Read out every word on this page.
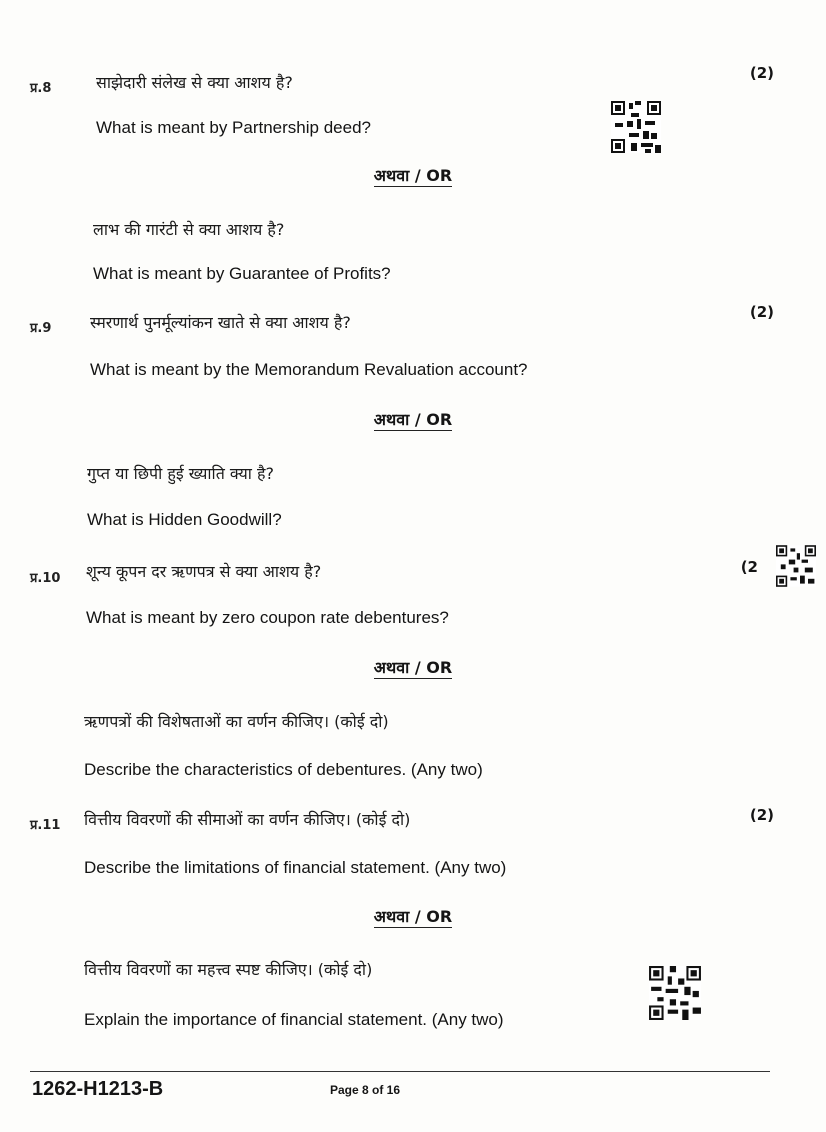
प्र.8	साझेदारी संलेख से क्या आशय है?	(2)
What is meant by Partnership deed?
अथवा / OR
लाभ की गारंटी से क्या आशय है?
What is meant by Guarantee of Profits?
प्र.9 स्मरणार्थ पुनर्मूल्यांकन खाते से क्या आशय है?
(2)
What is meant by the Memorandum Revaluation account?
अथवा / OR
गुप्त या छिपी हुई ख्याति क्या है?
What is Hidden Goodwill?
प्र.10 शून्य कूपन दर ऋणपत्र से क्या आशय है?	(2
What is meant by zero coupon rate debentures?
अथवा / OR
ऋणपत्रों की विशेषताओं का वर्णन कीजिए। (कोई दो)
Describe the characteristics of debentures. (Any two)
प्र.11 वित्तीय विवरणों की सीमाओं का वर्णन कीजिए। (कोई दो)	(2)
Describe the limitations of financial statement. (Any two)
अथवा / OR
वित्तीय विवरणों का महत्त्व स्पष्ट कीजिए। (कोई दो)
Explain the importance of financial statement. (Any two)
1262-H1213-B	Page 8 of 16
